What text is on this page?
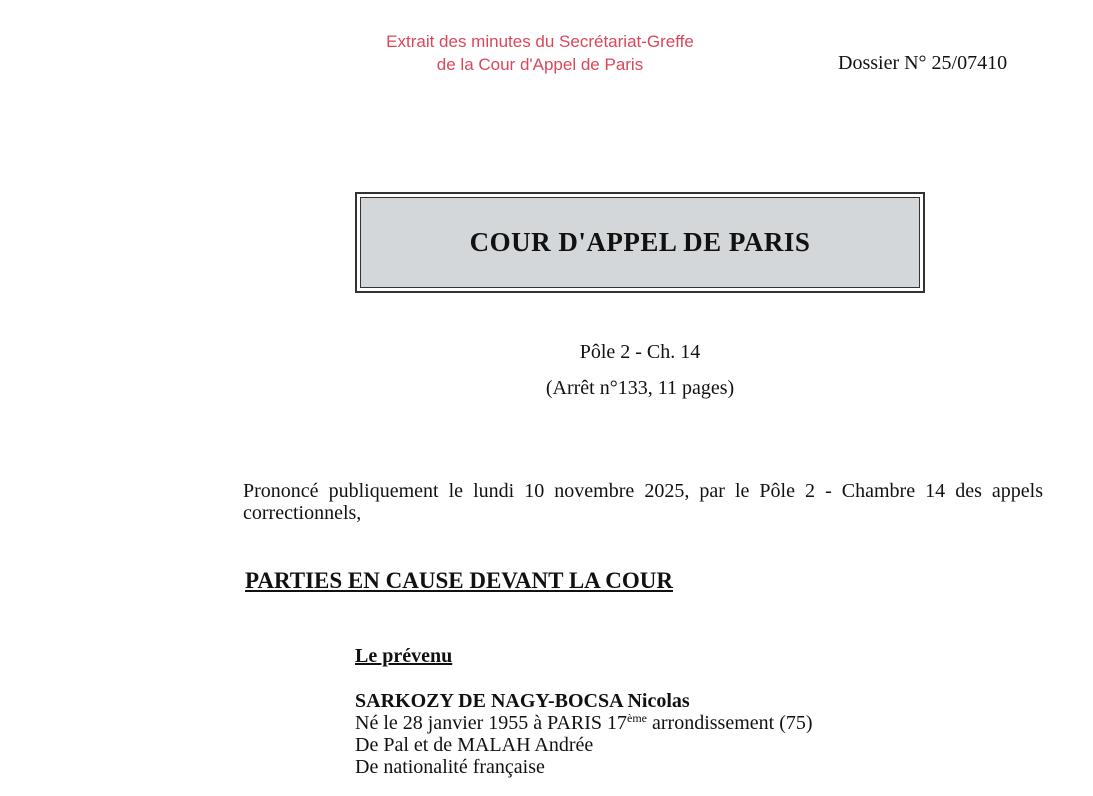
Extrait des minutes du Secrétariat-Greffe
de la Cour d'Appel de Paris	Dossier N° 25/07410
COUR D'APPEL DE PARIS
Pôle 2 - Ch. 14
(Arrêt n°133, 11 pages)
Prononcé publiquement le lundi 10 novembre 2025, par le Pôle 2 - Chambre 14 des appels correctionnels,
PARTIES EN CAUSE DEVANT LA COUR
Le prévenu
SARKOZY DE NAGY-BOCSA Nicolas
Né le 28 janvier 1955 à PARIS 17ème arrondissement (75)
De Pal et de MALAH Andrée
De nationalité française
